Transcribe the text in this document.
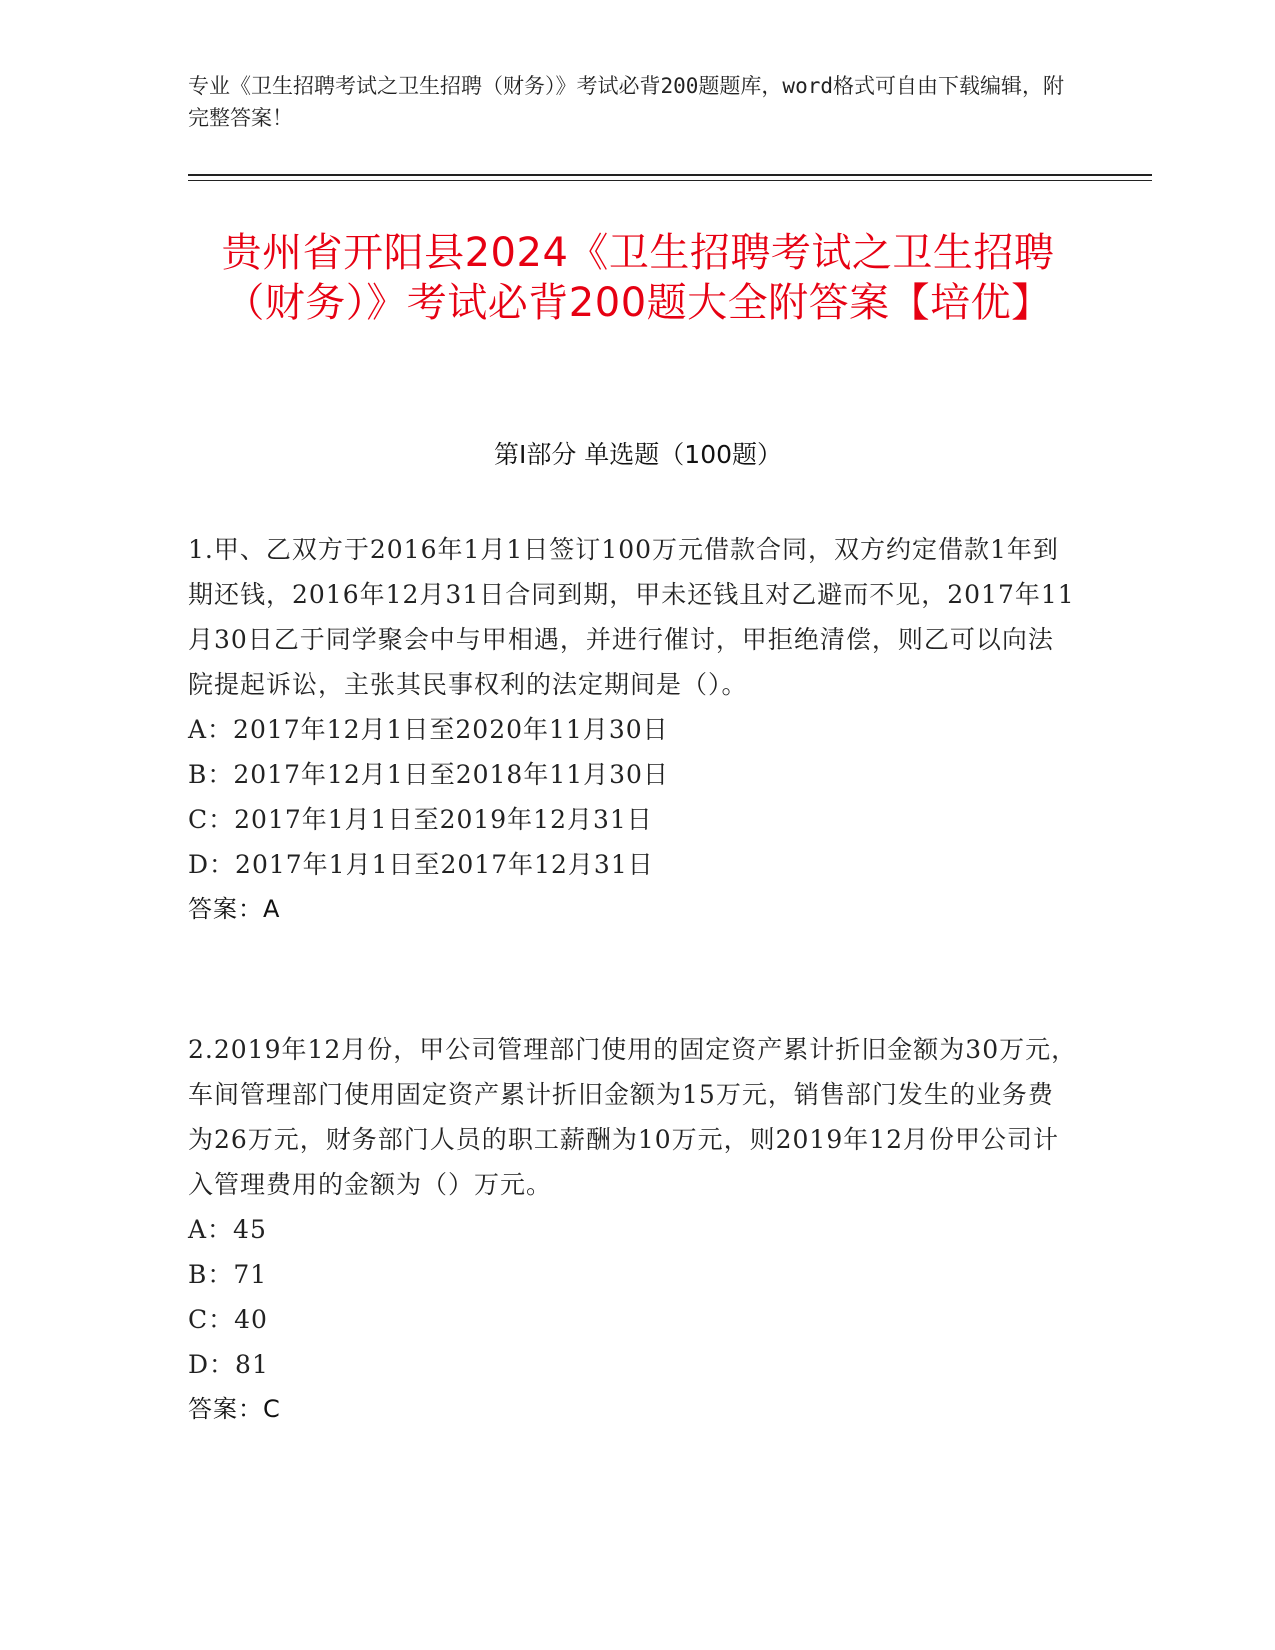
专业《卫生招聘考试之卫生招聘（财务）》考试必背200题题库，word格式可自由下载编辑，附完整答案！
贵州省开阳县2024《卫生招聘考试之卫生招聘（财务）》考试必背200题大全附答案【培优】
第Ⅰ部分 单选题（100题）
1.甲、乙双方于2016年1月1日签订100万元借款合同，双方约定借款1年到期还钱，2016年12月31日合同到期，甲未还钱且对乙避而不见，2017年11月30日乙于同学聚会中与甲相遇，并进行催讨，甲拒绝清偿，则乙可以向法院提起诉讼，主张其民事权利的法定期间是（）。
A：2017年12月1日至2020年11月30日
B：2017年12月1日至2018年11月30日
C：2017年1月1日至2019年12月31日
D：2017年1月1日至2017年12月31日
答案：A
2.2019年12月份，甲公司管理部门使用的固定资产累计折旧金额为30万元，车间管理部门使用固定资产累计折旧金额为15万元，销售部门发生的业务费为26万元，财务部门人员的职工薪酬为10万元，则2019年12月份甲公司计入管理费用的金额为（）万元。
A：45
B：71
C：40
D：81
答案：C
